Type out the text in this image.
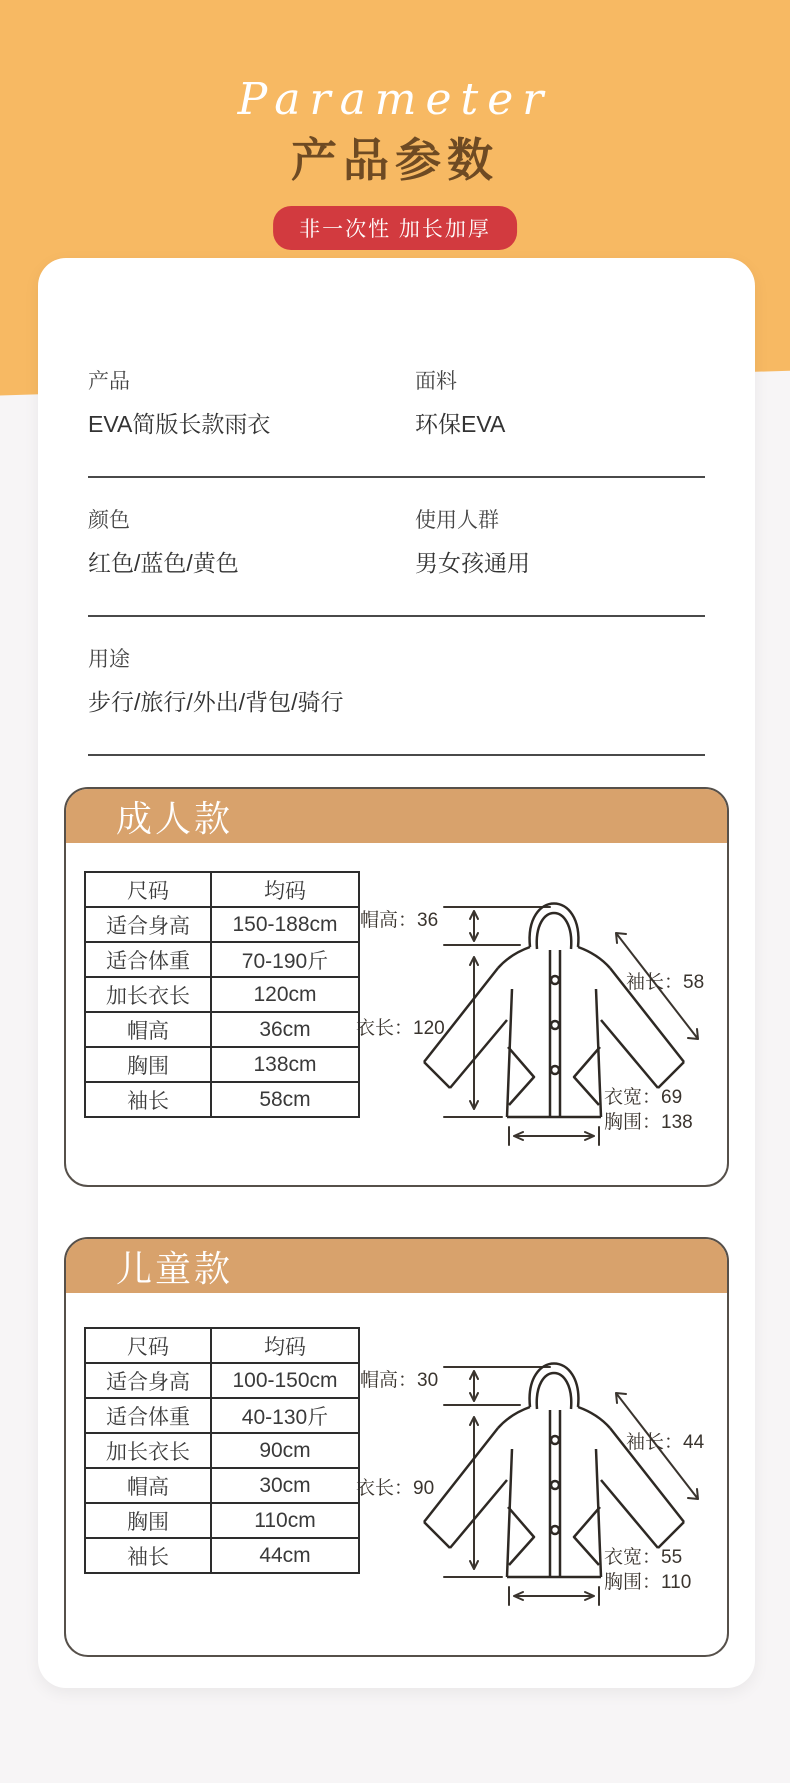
Parameter
产品参数
非一次性 加长加厚
产品
EVA简版长款雨衣
面料
环保EVA
颜色
红色/蓝色/黄色
使用人群
男女孩通用
用途
步行/旅行/外出/背包/骑行
成人款
尺码	均码
适合身高	150-188cm
适合体重	70-190斤
加长衣长	120cm
帽高	36cm
胸围	138cm
袖长	58cm
帽高：36
衣长：120
袖长：58
衣宽：69
胸围：138
儿童款
尺码	均码
适合身高	100-150cm
适合体重	40-130斤
加长衣长	90cm
帽高	30cm
胸围	110cm
袖长	44cm
帽高：30
衣长：90
袖长：44
衣宽：55
胸围：110
